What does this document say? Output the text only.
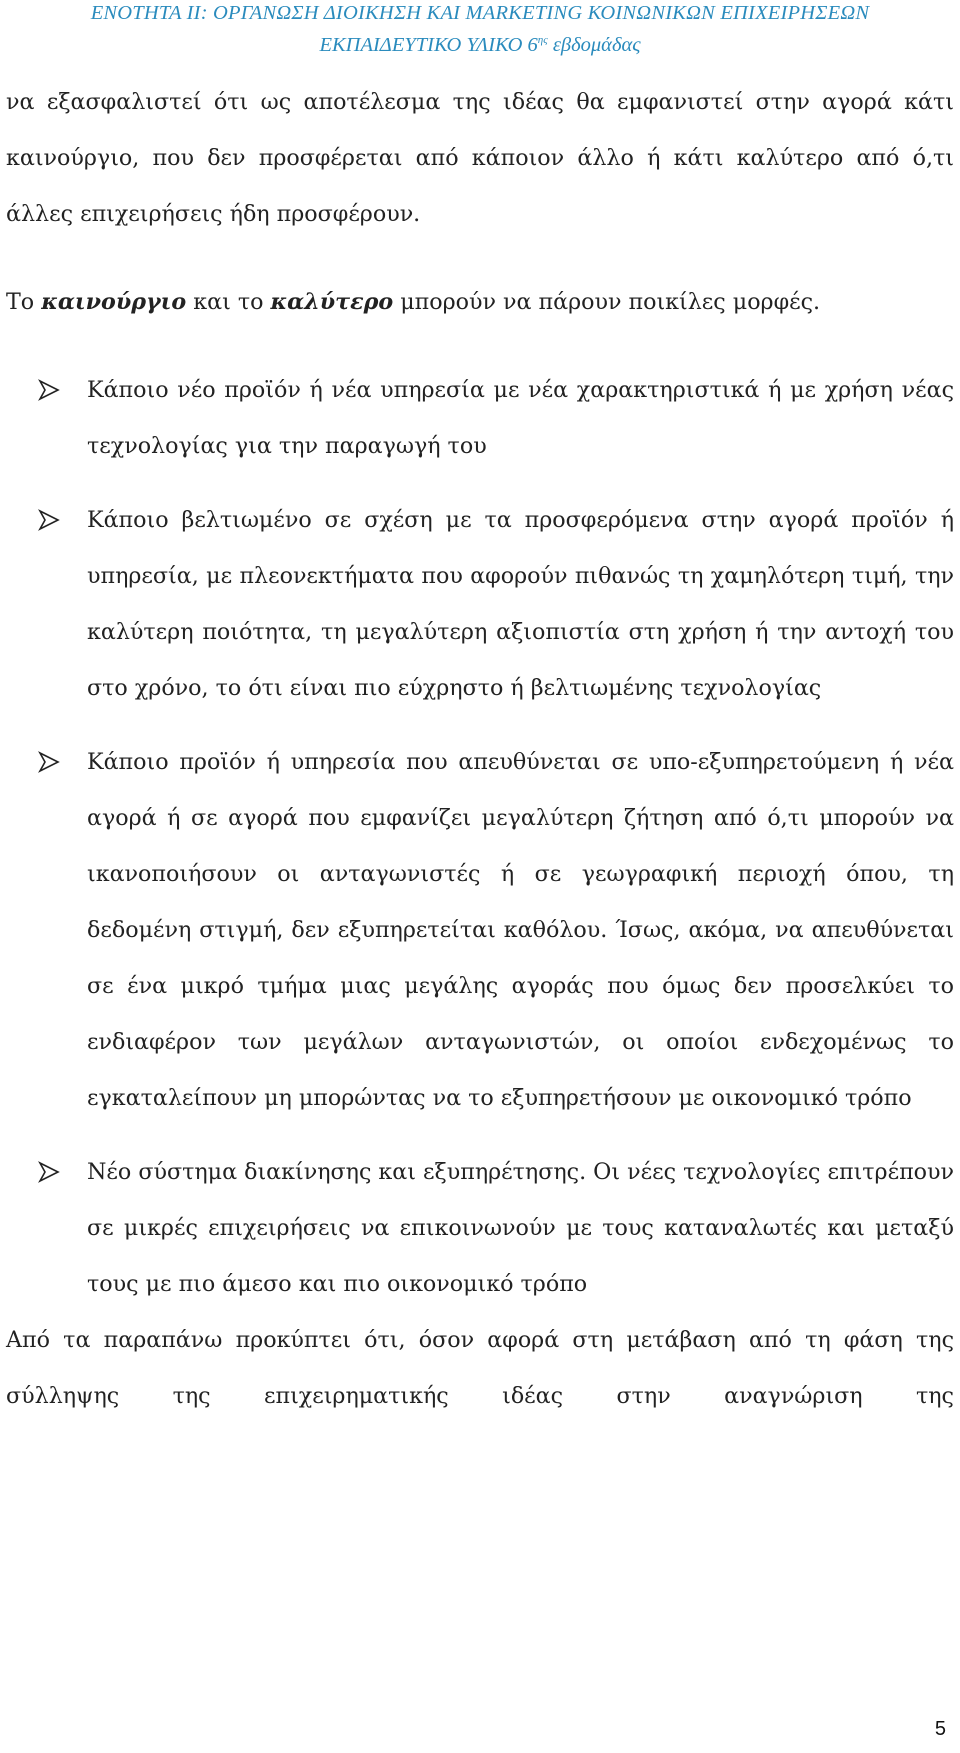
ΕΝΟΤΗΤΑ ΙΙ: ΟΡΓΑΝΩΣΗ ΔΙΟΙΚΗΣΗ ΚΑΙ MARKETING ΚΟΙΝΩΝΙΚΩΝ ΕΠΙΧΕΙΡΗΣΕΩΝ
ΕΚΠΑΙΔΕΥΤΙΚΟ ΥΛΙΚΟ $6^{\eta\varsigma}$ εβδομάδας

να εξασφαλιστεί ότι ως αποτέλεσμα της ιδέας θα εμφανιστεί στην αγορά κάτι καινούργιο, που δεν προσφέρεται από κάποιον άλλο ή κάτι καλύτερο από ό,τι άλλες επιχειρήσεις ήδη προσφέρουν.

Το καινούργιο και το καλύτερο μπορούν να πάρουν ποικίλες μορφές.

Κάποιο νέο προϊόν ή νέα υπηρεσία με νέα χαρακτηριστικά ή με χρήση νέας τεχνολογίας για την παραγωγή του
Κάποιο βελτιωμένο σε σχέση με τα προσφερόμενα στην αγορά προϊόν ή υπηρεσία, με πλεονεκτήματα που αφορούν πιθανώς τη χαμηλότερη τιμή, την καλύτερη ποιότητα, τη μεγαλύτερη αξιοπιστία στη χρήση ή την αντοχή του στο χρόνο, το ότι είναι πιο εύχρηστο ή βελτιωμένης τεχνολογίας
Κάποιο προϊόν ή υπηρεσία που απευθύνεται σε υπο-εξυπηρετούμενη ή νέα αγορά ή σε αγορά που εμφανίζει μεγαλύτερη ζήτηση από ό,τι μπορούν να ικανοποιήσουν οι ανταγωνιστές ή σε γεωγραφική περιοχή όπου, τη δεδομένη στιγμή, δεν εξυπηρετείται καθόλου. Ίσως, ακόμα, να απευθύνεται σε ένα μικρό τμήμα μιας μεγάλης αγοράς που όμως δεν προσελκύει το ενδιαφέρον των μεγάλων ανταγωνιστών, οι οποίοι ενδεχομένως το εγκαταλείπουν μη μπορώντας να το εξυπηρετήσουν με οικονομικό τρόπο
Νέο σύστημα διακίνησης και εξυπηρέτησης. Οι νέες τεχνολογίες επιτρέπουν σε μικρές επιχειρήσεις να επικοινωνούν με τους καταναλωτές και μεταξύ τους με πιο άμεσο και πιο οικονομικό τρόπο

Από τα παραπάνω προκύπτει ότι, όσον αφορά στη μετάβαση από τη φάση της σύλληψης της επιχειρηματικής ιδέας στην αναγνώριση της

5
